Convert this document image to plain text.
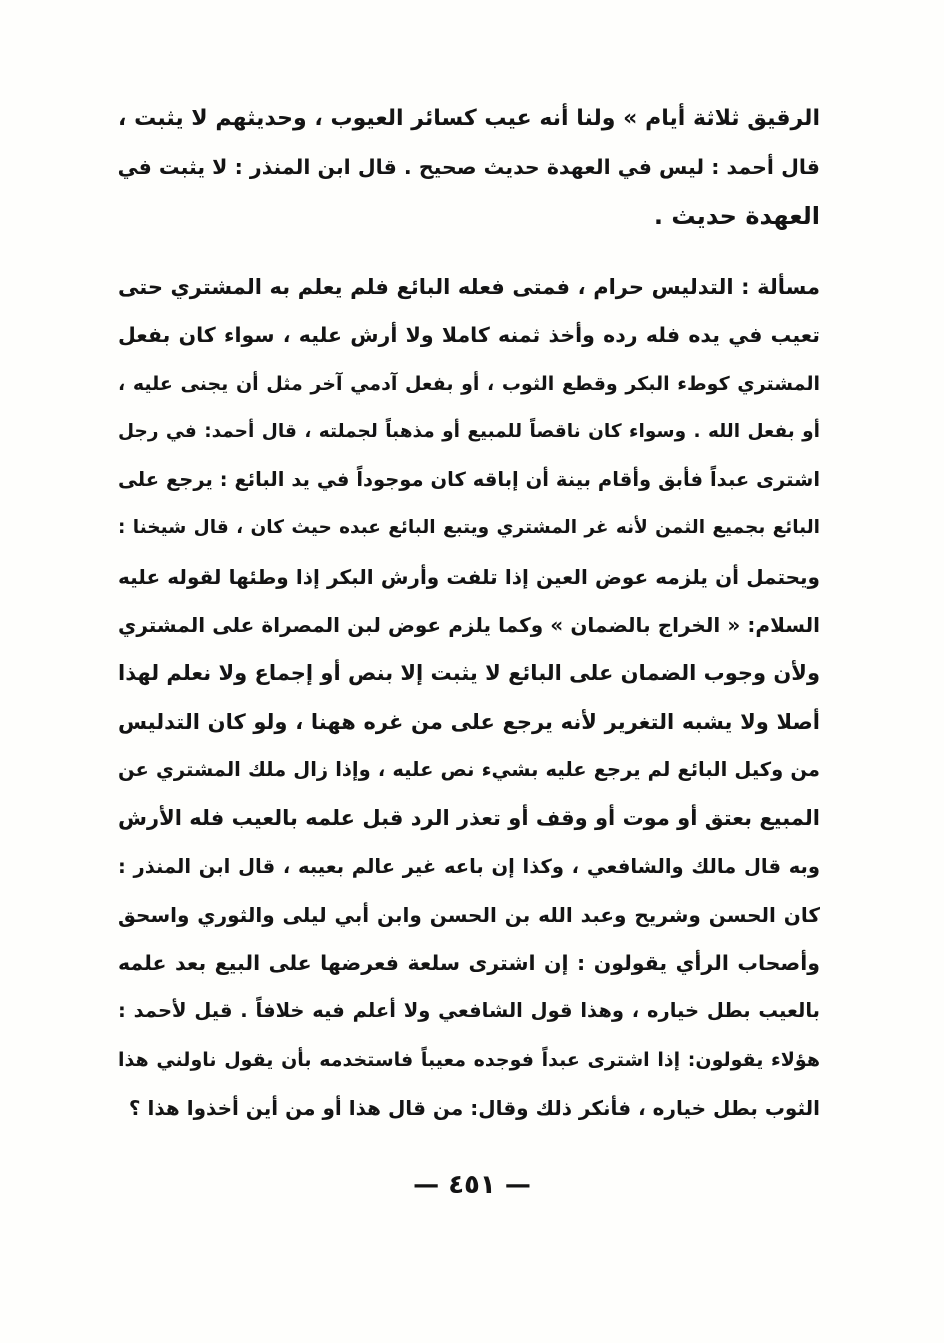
الرقيق ثلاثة أيام » ولنا أنه عيب كسائر العيوب ، وحديثهم لا يثبت ،
قال أحمد : ليس في العهدة حديث صحيح . قال ابن المنذر : لا يثبت في
العهدة حديث .
مسألة : التدليس حرام ، فمتى فعله البائع فلم يعلم به المشتري حتى
تعيب في يده فله رده وأخذ ثمنه كاملا ولا أرش عليه ، سواء كان بفعل
المشتري كوطء البكر وقطع الثوب ، أو بفعل آدمي آخر مثل أن يجنى عليه ،
أو بفعل الله . وسواء كان ناقصاً للمبيع أو مذهباً لجملته ، قال أحمد: في رجل
اشترى عبداً فأبق وأقام بينة أن إباقه كان موجوداً في يد البائع : يرجع على
البائع بجميع الثمن لأنه غر المشتري ويتبع البائع عبده حيث كان ، قال شيخنا :
ويحتمل أن يلزمه عوض العين إذا تلفت وأرش البكر إذا وطئها لقوله عليه
السلام: « الخراج بالضمان » وكما يلزم عوض لبن المصراة على المشتري
ولأن وجوب الضمان على البائع لا يثبت إلا بنص أو إجماع ولا نعلم لهذا
أصلا ولا يشبه التغرير لأنه يرجع على من غره ههنا ، ولو كان التدليس
من وكيل البائع لم يرجع عليه بشيء نص عليه ، وإذا زال ملك المشتري عن
المبيع بعتق أو موت أو وقف أو تعذر الرد قبل علمه بالعيب فله الأرش
وبه قال مالك والشافعي ، وكذا إن باعه غير عالم بعيبه ، قال ابن المنذر :
كان الحسن وشريح وعبد الله بن الحسن وابن أبي ليلى والثوري واسحق
وأصحاب الرأي يقولون : إن اشترى سلعة فعرضها على البيع بعد علمه
بالعيب بطل خياره ، وهذا قول الشافعي ولا أعلم فيه خلافاً . قيل لأحمد :
هؤلاء يقولون: إذا اشترى عبداً فوجده معيباً فاستخدمه بأن يقول ناولني هذا
الثوب بطل خياره ، فأنكر ذلك وقال: من قال هذا أو من أين أخذوا هذا ؟
— ٤٥١ —
